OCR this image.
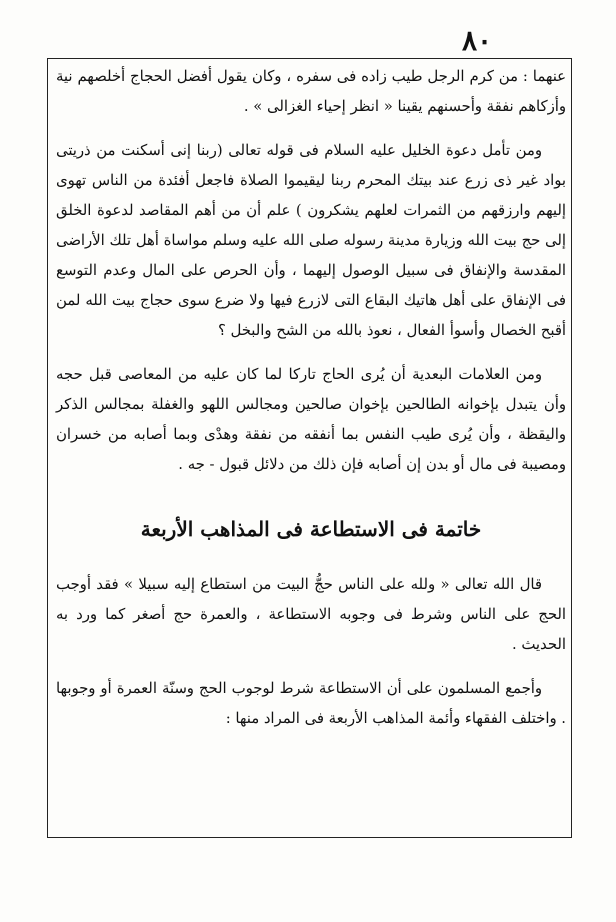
٨٠

عنهما : من كرم الرجل طيب زاده فى سفره ، وكان يقول أفضل الحجاج أخلصهم نية وأزكاهم نفقة وأحسنهم يقينا « انظر إحياء الغزالى » .

ومن تأمل دعوة الخليل عليه السلام فى قوله تعالى (ربنا إنى أسكنت من ذريتى بواد غير ذى زرع عند بيتك المحرم ربنا ليقيموا الصلاة فاجعل أفئدة من الناس تهوى إليهم وارزقهم من الثمرات لعلهم يشكرون ) علم أن من أهم المقاصد لدعوة الخلق إلى حج بيت الله وزيارة مدينة رسوله صلى الله عليه وسلم مواساة أهل تلك الأراضى المقدسة والإنفاق فى سبيل الوصول إليهما ، وأن الحرص على المال وعدم التوسع فى الإنفاق على أهل هاتيك البقاع التى لازرع فيها ولا ضرع سوى حجاج بيت الله لمن أقبح الخصال وأسوأ الفعال ، نعوذ بالله من الشح والبخل ؟

ومن العلامات البعدية أن يُرى الحاج تاركا لما كان عليه من المعاصى قبل حجه وأن يتبدل بإخوانه الطالحين بإخوان صالحين ومجالس اللهو والغفلة بمجالس الذكر واليقظة ، وأن يُرى طيب النفس بما أنفقه من نفقة وهدْى وبما أصابه من خسران ومصيبة فى مال أو بدن إن أصابه فإن ذلك من دلائل قبول - جه .

خاتمة فى الاستطاعة فى المذاهب الأربعة

قال الله تعالى « ولله على الناس حجُّ البيت من استطاع إليه سبيلا » فقد أوجب الحج على الناس وشرط فى وجوبه الاستطاعة ، والعمرة حج أصغر كما ورد به الحديث .

وأجمع المسلمون على أن الاستطاعة شرط لوجوب الحج وسنّة العمرة أو وجوبها . واختلف الفقهاء وأئمة المذاهب الأربعة فى المراد منها :
